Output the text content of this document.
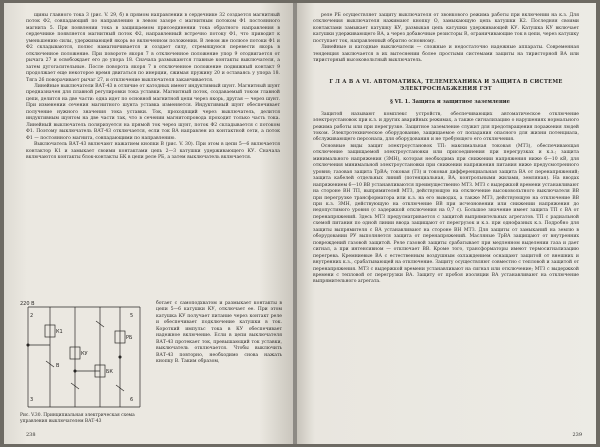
щины главного тока 3 (рис. V. 29, б) в прямом направлении в сердечнике 32 создается магнитный поток Ф2, совпадающий по направлению в левом зазоре с магнитным потоком Ф1 постоянного магнита 5. При появлении тока в защищаемом присоединении тока обратного направления в сердечнике появляется магнитный поток Ф2, направленный встречно потоку Ф1, что приводит к уменьшению силы, удерживающей якорь во включенном положении. В левом же полюсе потоки Ф1 и Ф2 складываются, полюс намагничивается и создает силу, стремящуюся перевести якорь в отключенное положение. При повороте якоря 7 в отключенное положение упор 9 отодвигается от рычага 27 и освобождает его до упора 18. Сначала размыкаются главные контакты выключателя, а затем дугогасительные. После поворота якоря 7 в отключенное положение подвижный контакт 9 продолжает еще некоторое время двигаться по инерции, сжимая пружину 20 и оставаясь у упора 18. Тяга 26 поворачивает рычаг 27, и отключение выключателя заканчивается.

Линейные выключатели ВАТ-43 в отличие от катодных имеют индуктивный шунт. Магнитный шунт предназначен для плавной регулировки тока уставки. Магнитный поток, создаваемый током главной цепи, делится на две части: одна идет по основной магнитной цепи через якорь, другая — через шунт. При изменении сечения магнитного шунта уставка изменяется. Индуктивный шунт обеспечивает получение нужного значения тока уставки. Ток, проходящий через выключатель, делится индуктивным шунтом на две части так, что в сечении магнитопровода проходит только часть тока. Линейный выключатель поляризуется на прямой ток через шунт, поток Ф2 складывается с потоком Ф1. Поэтому выключатель ВАТ-43 отключается, если ток ВА направлен из контактной сети, а поток Ф1 — постоянного магнита, совпадающими по направлению.

Выключатель ВАТ-43 включают нажатием кнопки В (рис. V. 30). При этом в цепи 5—6 включается контактор К1 и замыкает своими контактами цепь 2—3 катушки удерживающего КУ. Сначала включаются контакты блок-контакты БК в цепи реле РБ, а затем выключатель включается.

К1
КУ
БК
РБ
В
220 В
2
3
5
6

ботает с самоподхватом и размыкает контакты в цепи 5—6 катушки КУ, отключает ее. При этом катушка КУ получает питание через контакт реле и обеспечивает подключение катушки в ток. Короткий импульс тока в КУ обеспечивает надежное включение. Если в цепи выключателя ВАТ-43 протекает ток, превышающий ток уставки, выключатель отключается. Чтобы выключить ВАТ-43 повторно, необходимо снова нажать кнопку В. Таким образом,

Рис. V.30. Принципиальная электрическая схема управления выключателем ВАТ-43

238

реле РБ осуществляет защиту выключателя от звонкового режима работы при включении на к.з. Для отключения выключателя нажимают кнопку О, замыкающую цепь катушки К2. Последняя своими контактами замыкает катушку КУ, размыкая цепь катушки удерживающей КУ. Катушка КУ включает катушки удерживающего ВА, а через добавочные резисторы R, ограничивающие ток в цепи, через катушку поступает ток, направленный обратно основному.

Линейные и катодные выключатели — сложные и недостаточно надежные аппараты. Современная тенденция заключается в их вытеснении более простыми системами защиты на тиристорной ВА или тиристорный высоковольтный выключатель.

Г Л А В А VI. АВТОМАТИКА, ТЕЛЕМЕХАНИКА И ЗАЩИТА В СИСТЕМЕ ЭЛЕКТРОСНАБЖЕНИЯ ГЭТ

§ VI. 1. Защита и защитное заземление

Защитой называют комплекс устройств, обеспечивающих автоматическое отключение электроустановок при к.з. и других аварийных режимах, а также сигнализацию о нарушениях нормального режима работы или при перегрузке. Защитное заземление служит для предотвращения поражения людей током. Электротехническое оборудование, защищаемое от попадания опасного для жизни потенциала, обслуживающего персонала, для оборудования и не требующего его отключения.

Основные виды защит электроустановок ТП: максимальная токовая (МТЗ), обеспечивающая отключение защищаемой электроустановки или присоединения при перегрузках и к.з.; защита минимального напряжения (ЗМН), которая необходима при снижении напряжения ниже 6—10 кВ, для отключения минимальной электроустановки при снижении напряжения питания ниже предусмотренного уровня; газовая защита ТрВА; токовая (ТЗ) и токовая дифференциальная защита ВА от перенапряжений; защита кабелей отдельных линий (потенциальная, ВА, контрольными жилами, земляная). На вводах напряжением 6—10 ВВ устанавливаются преимущественно МТЗ. МТЗ с выдержкой времени устанавливают на стороне ВН ТП, выпрямителей МТЗ, действующую на отключение высоковольтного выключателя ВВ при перегрузке трансформатора или к.з. на его выводах, а также МТЗ, действующую на отключение ВВ при к.з. ЗМН, действующую на отключение ВВ при исчезновении или снижении напряжения до недопустимого уровня (с задержкой отключения на 0,7 с). Большое значение имеет защита ТП с ВА от перенапряжений. Здесь МТЗ предусматривается с защитой выпрямительных агрегатов. ТП с радиальной схемой питания по одной линии ввода защищают от перегрузок и к.з. при однофазных к.з. Подробно для защиты выпрямителя с ВА устанавливают на стороне ВН МТЗ. Для защиты от замыканий на землю в оборудовании РУ выполняется защита от перенапряжений. Масляные ТрВА защищают от внутренних повреждений газовой защитой. Реле газовой защиты срабатывает при медленном выделении газа и дает сигнал, а при интенсивном — отключает ВВ. Кроме того, трансформаторы имеют термосигнализацию перегрева. Кремниевые ВА с естественным воздушным охлаждением оснащают защитой от внешних и внутренних к.з., срабатывающей на отключение. Защиту осуществляют совместно с тепловой и защитой от перенапряжения. МТЗ с выдержкой времени устанавливают на сигнал или отключение; МТЗ с выдержкой времени с тепловой от перегрузки ВА. Защиту от пробоя изоляции ВА устанавливают на отключение выпрямительного агрегата.

239
